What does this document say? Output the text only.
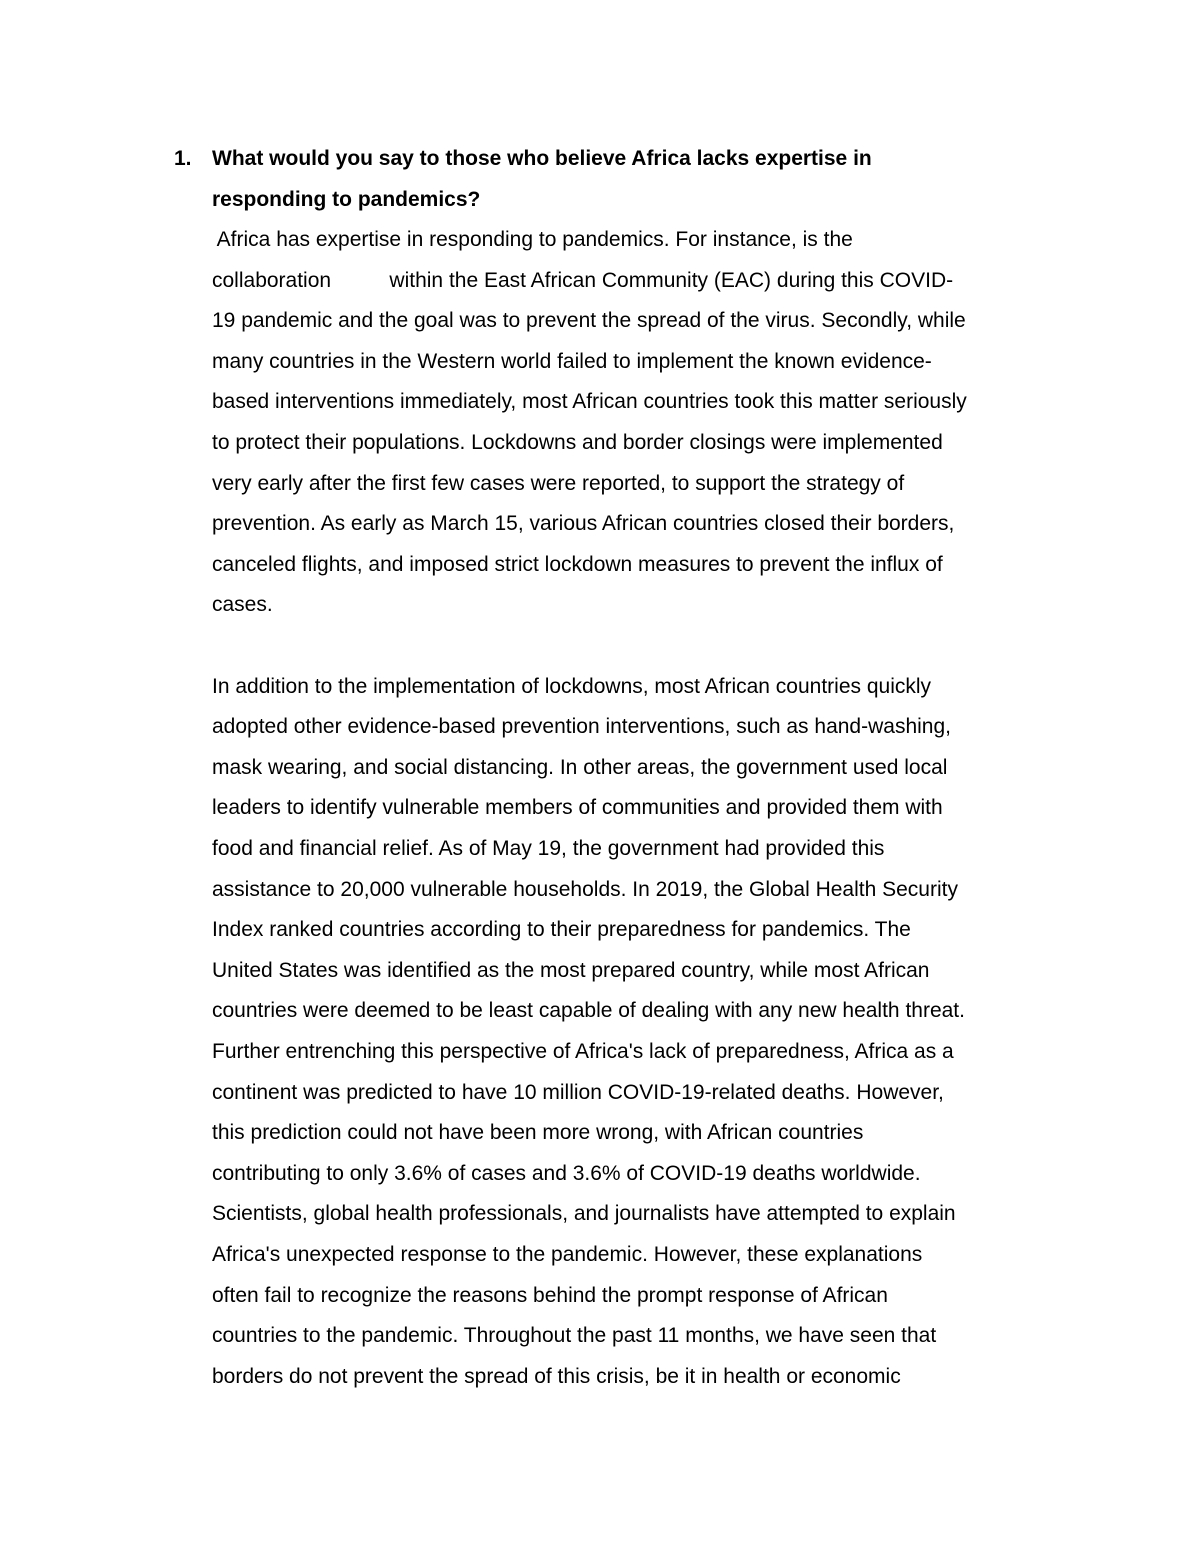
1. What would you say to those who believe Africa lacks expertise in
responding to pandemics?
Africa has expertise in responding to pandemics. For instance, is the
collaboration          within the East African Community (EAC) during this COVID-
19 pandemic and the goal was to prevent the spread of the virus. Secondly, while
many countries in the Western world failed to implement the known evidence-
based interventions immediately, most African countries took this matter seriously
to protect their populations. Lockdowns and border closings were implemented
very early after the first few cases were reported, to support the strategy of
prevention. As early as March 15, various African countries closed their borders,
canceled flights, and imposed strict lockdown measures to prevent the influx of
cases.
In addition to the implementation of lockdowns, most African countries quickly
adopted other evidence-based prevention interventions, such as hand-washing,
mask wearing, and social distancing. In other areas, the government used local
leaders to identify vulnerable members of communities and provided them with
food and financial relief. As of May 19, the government had provided this
assistance to 20,000 vulnerable households. In 2019, the Global Health Security
Index ranked countries according to their preparedness for pandemics. The
United States was identified as the most prepared country, while most African
countries were deemed to be least capable of dealing with any new health threat.
Further entrenching this perspective of Africa's lack of preparedness, Africa as a
continent was predicted to have 10 million COVID-19-related deaths. However,
this prediction could not have been more wrong, with African countries
contributing to only 3.6% of cases and 3.6% of COVID-19 deaths worldwide.
Scientists, global health professionals, and journalists have attempted to explain
Africa's unexpected response to the pandemic. However, these explanations
often fail to recognize the reasons behind the prompt response of African
countries to the pandemic. Throughout the past 11 months, we have seen that
borders do not prevent the spread of this crisis, be it in health or economic
